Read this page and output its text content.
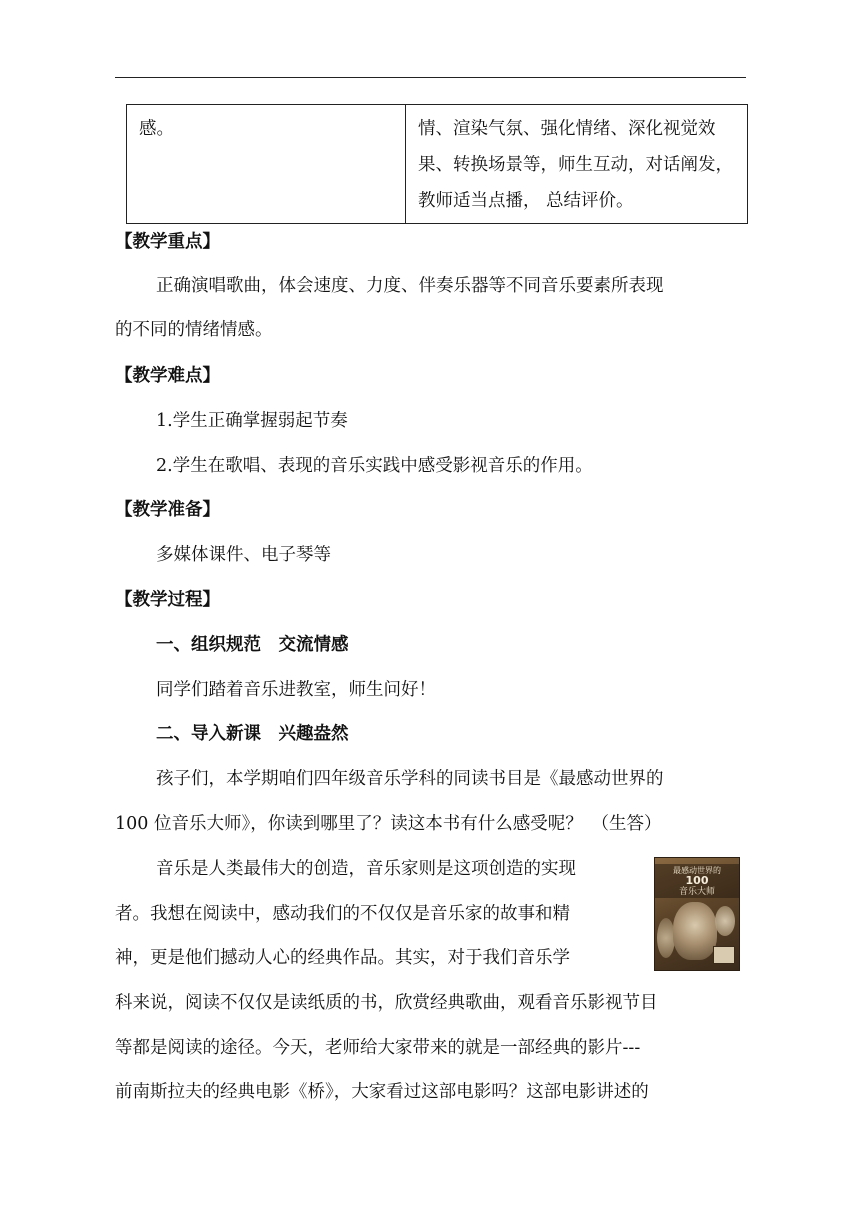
感。	情、渲染气氛、强化情绪、深化视觉效
果、转换场景等，师生互动，对话阐发，
教师适当点播， 总结评价。
【教学重点】
正确演唱歌曲，体会速度、力度、伴奏乐器等不同音乐要素所表现
的不同的情绪情感。
【教学难点】
1.学生正确掌握弱起节奏
2.学生在歌唱、表现的音乐实践中感受影视音乐的作用。
【教学准备】
多媒体课件、电子琴等
【教学过程】
一、组织规范　交流情感
同学们踏着音乐进教室，师生问好！
二、导入新课　兴趣盎然
孩子们，本学期咱们四年级音乐学科的同读书目是《最感动世界的
100 位音乐大师》，你读到哪里了？读这本书有什么感受呢？　（生答）
音乐是人类最伟大的创造，音乐家则是这项创造的实现
者。我想在阅读中，感动我们的不仅仅是音乐家的故事和精
神，更是他们撼动人心的经典作品。其实，对于我们音乐学
科来说，阅读不仅仅是读纸质的书，欣赏经典歌曲，观看音乐影视节目
等都是阅读的途径。今天，老师给大家带来的就是一部经典的影片---
前南斯拉夫的经典电影《桥》，大家看过这部电影吗？这部电影讲述的
最感动世界的
100
音乐大师
